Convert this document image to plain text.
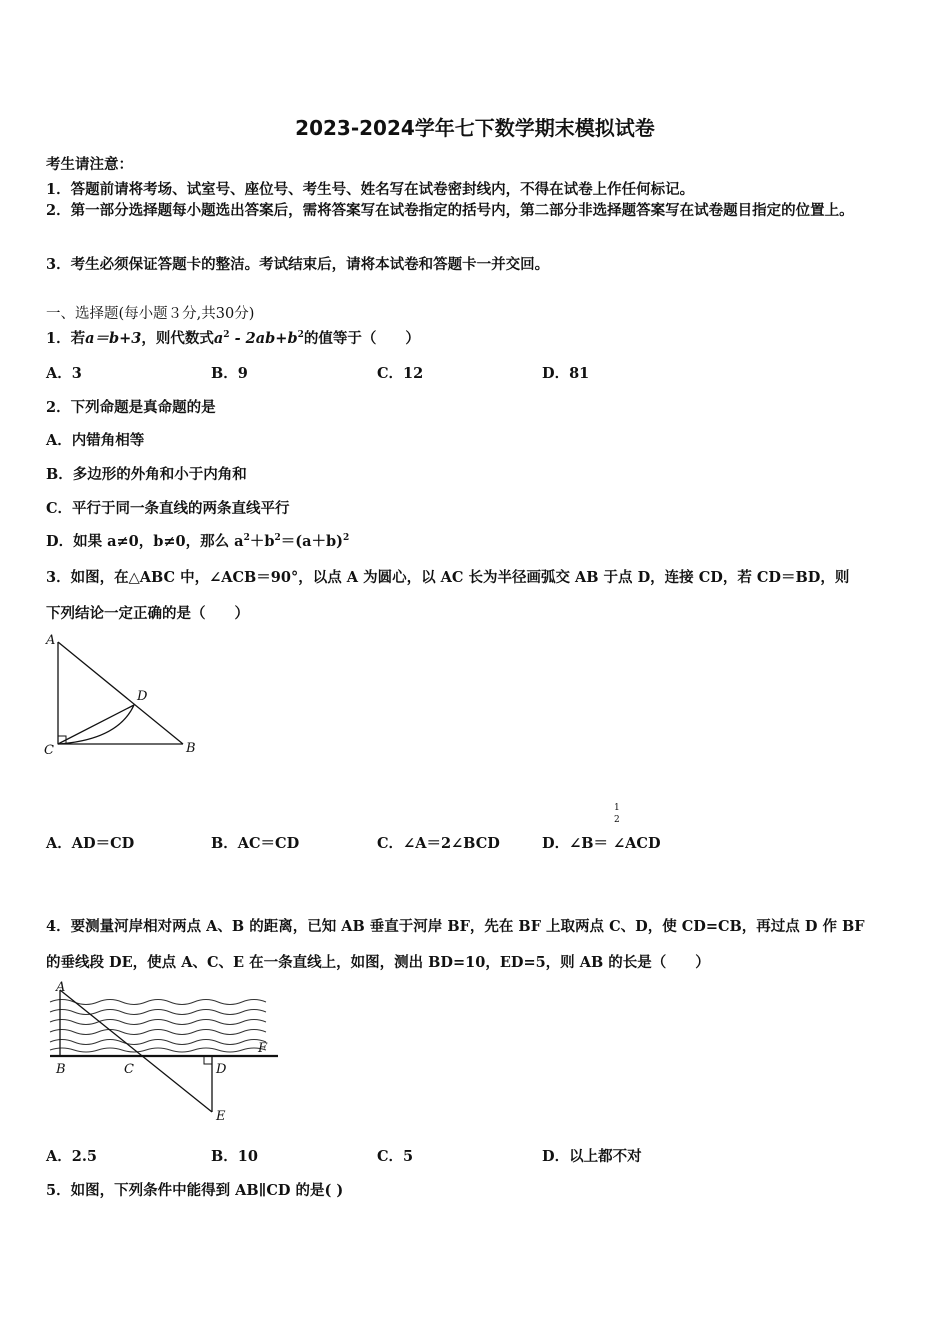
2023-2024学年七下数学期末模拟试卷
考生请注意：
1．答题前请将考场、试室号、座位号、考生号、姓名写在试卷密封线内，不得在试卷上作任何标记。
2．第一部分选择题每小题选出答案后，需将答案写在试卷指定的括号内，第二部分非选择题答案写在试卷题目指定的位置上。
3．考生必须保证答题卡的整洁。考试结束后，请将本试卷和答题卡一并交回。
一、选择题(每小题３分,共30分)
1．若a＝b+3，则代数式$a^2 - 2ab+b^2$的值等于（　　）
A．3	B．9	C．12	D．81
2．下列命题是真命题的是
A．内错角相等
B．多边形的外角和小于内角和
C．平行于同一条直线的两条直线平行
D．如果 a≠0，b≠0，那么 $a^2+b^2=(a+b)^2$
3．如图，在△ABC 中，∠ACB＝90°，以点 A 为圆心，以 AC 长为半径画弧交 AB 于点 D，连接 CD，若 CD＝BD，则
下列结论一定正确的是（　　）
A
D
C	B
1
2
A．AD＝CD	B．AC＝CD	C．∠A＝2∠BCD	D．∠B＝ ∠ACD
4．要测量河岸相对两点 A、B 的距离，已知 AB 垂直于河岸 BF，先在 BF 上取两点 C、D，使 CD=CB，再过点 D 作 BF
的垂线段 DE，使点 A、C、E 在一条直线上，如图，测出 BD=10，ED=5，则 AB 的长是（　　）
A
B	C	D
E
F
A．2.5	B．10	C．5	D．以上都不对
5．如图，下列条件中能得到 AB∥CD 的是( )
